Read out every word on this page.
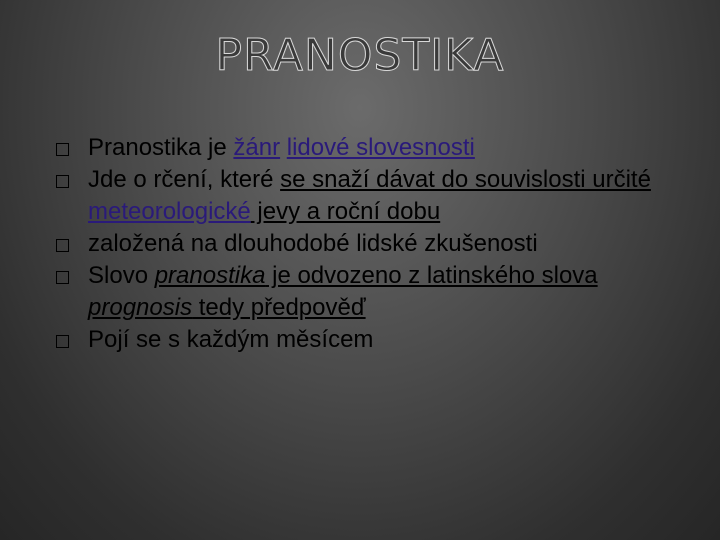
PRANOSTIKA
Pranostika je žánr lidové slovesnosti
Jde o rčení, které se snaží dávat do souvislosti určité meteorologické jevy a roční dobu
založená na dlouhodobé lidské zkušenosti
Slovo pranostika je odvozeno z latinského slova prognosis tedy předpověď
Pojí se s každým měsícem
